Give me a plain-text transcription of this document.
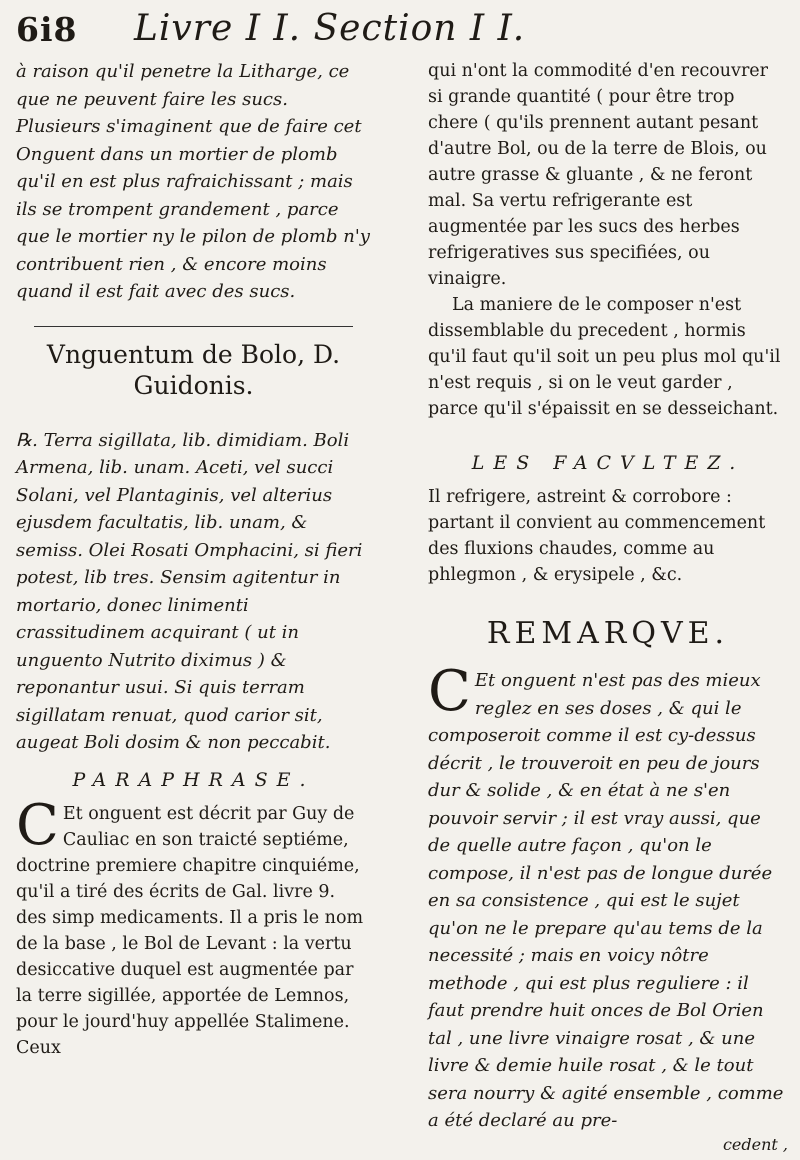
6i8 Livre I I. Section I I.

à raison qu'il penetre la Litharge, ce que ne peuvent faire les sucs. Plusieurs s'imaginent que de faire cet Onguent dans un mortier de plomb qu'il en est plus rafraichissant ; mais ils se trompent grandement , parce que le mortier ny le pilon de plomb n'y contribuent rien , & encore moins quand il est fait avec des sucs.

Vnguentum de Bolo, D. Guidonis.

℞. Terra sigillata, lib. dimidiam. Boli Armena, lib. unam. Aceti, vel succi Solani, vel Plantaginis, vel alterius ejusdem facultatis, lib. unam, & semiss. Olei Rosati Omphacini, si fieri potest, lib tres. Sensim agitentur in mortario, donec linimenti crassitudinem acquirant ( ut in unguento Nutrito diximus ) & reponantur usui. Si quis terram sigillatam renuat, quod carior sit, augeat Boli dosim & non peccabit.

PARAPHRASE.

C Et onguent est décrit par Guy de Cauliac en son traicté septiéme, doctrine premiere chapitre cinquiéme, qu'il a tiré des écrits de Gal. livre 9. des simp medicaments. Il a pris le nom de la base , le Bol de Levant : la vertu desiccative duquel est augmentée par la terre sigillée, apportée de Lemnos, pour le jourd'huy appellée Stalimene. Ceux

qui n'ont la commodité d'en recouvrer si grande quantité ( pour être trop chere ( qu'ils prennent autant pesant d'autre Bol, ou de la terre de Blois, ou autre grasse & gluante , & ne feront mal. Sa vertu refrigerante est augmentée par les sucs des herbes refrigeratives sus specifiées, ou vinaigre.

La maniere de le composer n'est dissemblable du precedent , hormis qu'il faut qu'il soit un peu plus mol qu'il n'est requis , si on le veut garder , parce qu'il s'épaissit en se desseichant.

LES FACVLTEZ.

Il refrigere, astreint & corrobore : partant il convient au commencement des fluxions chaudes, comme au phlegmon , & erysipele , &c.

REMARQVE.

C Et onguent n'est pas des mieux reglez en ses doses , & qui le composeroit comme il est cy-dessus décrit , le trouveroit en peu de jours dur & solide , & en état à ne s'en pouvoir servir ; il est vray aussi, que de quelle autre façon , qu'on le compose, il n'est pas de longue durée en sa consistence , qui est le sujet qu'on ne le prepare qu'au tems de la necessité ; mais en voicy nôtre methode , qui est plus reguliere : il faut prendre huit onces de Bol Orien tal , une livre vinaigre rosat , & une livre & demie huile rosat , & le tout sera nourry & agité ensemble , comme a été declaré au pre-

cedent ,
